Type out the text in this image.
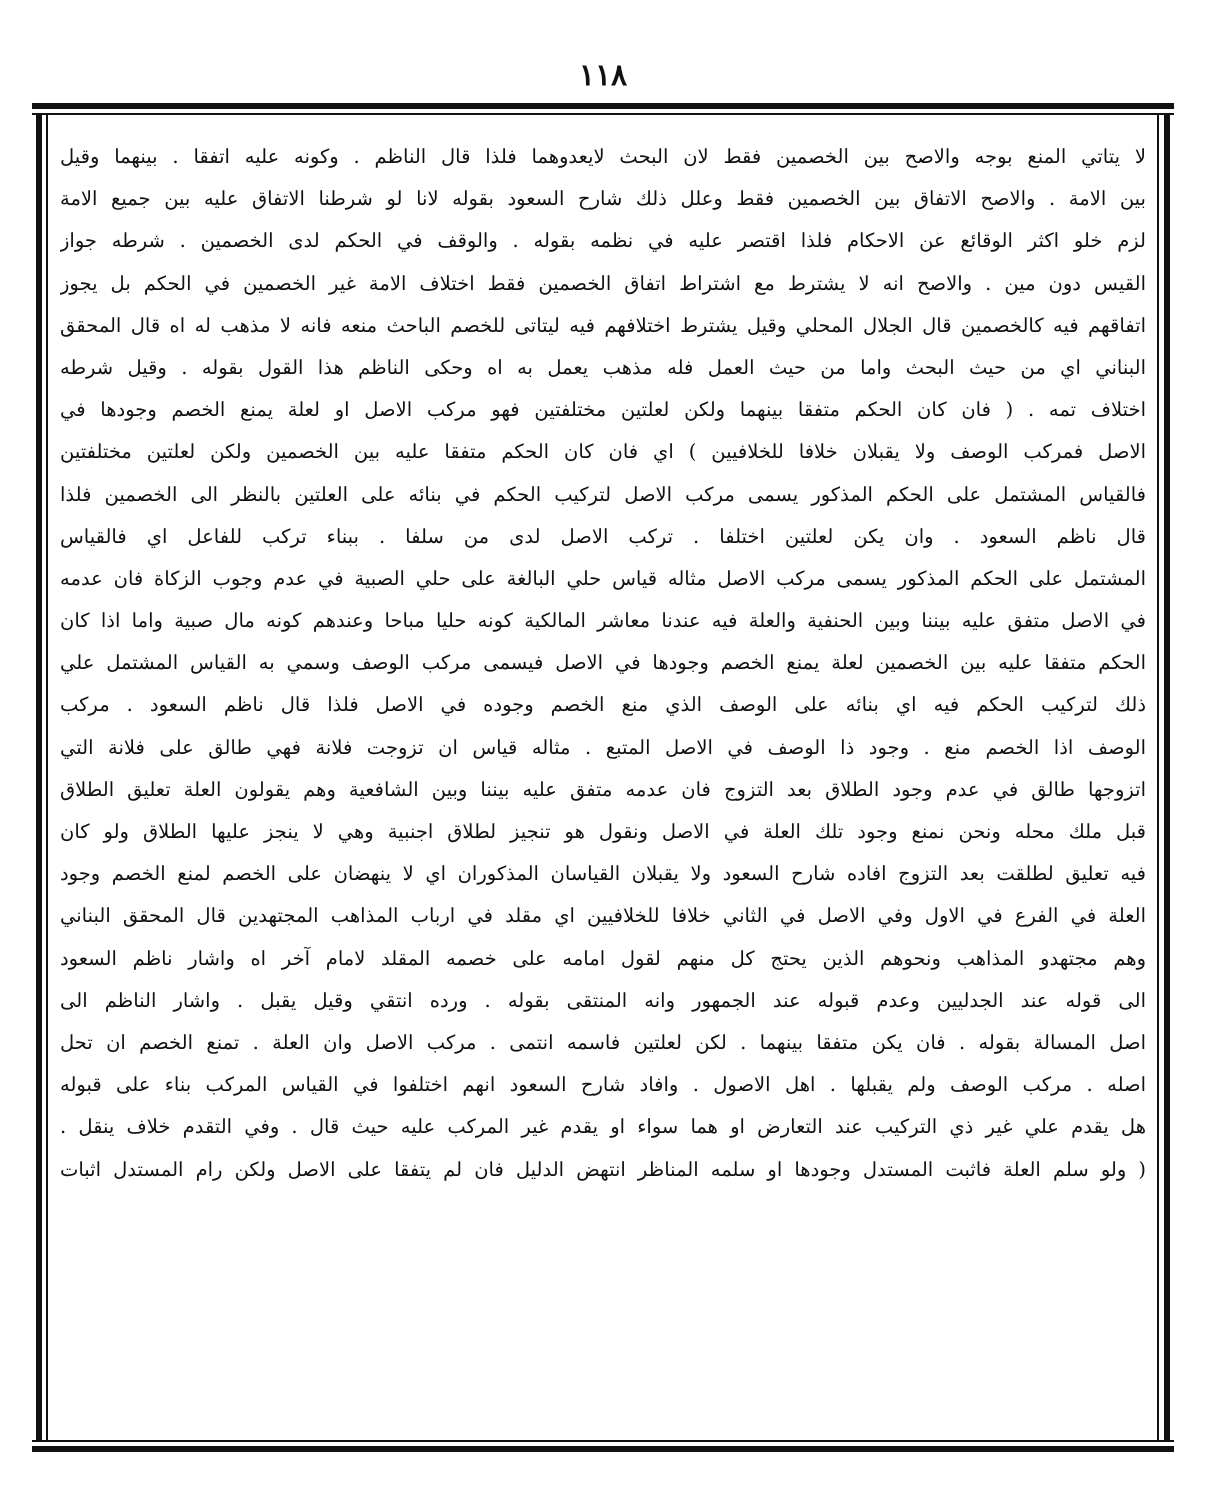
١١٨
لا يتاتي المنع بوجه والاصح بين الخصمين فقط لان البحث لايعدوهما فلذا قال الناظم . وكونه عليه اتفقا . بينهما وقيل
بين الامة . والاصح الاتفاق بين الخصمين فقط وعلل ذلك شارح السعود بقوله لانا لو شرطنا الاتفاق عليه بين جميع الامة
لزم خلو اكثر الوقائع عن الاحكام فلذا اقتصر عليه في نظمه بقوله . والوقف في الحكم لدى الخصمين . شرطه جواز
القيس دون مين . والاصح انه لا يشترط مع اشتراط اتفاق الخصمين فقط اختلاف الامة غير الخصمين في الحكم بل يجوز
اتفاقهم فيه كالخصمين قال الجلال المحلي وقيل يشترط اختلافهم فيه ليتاتى للخصم الباحث منعه فانه لا مذهب له اه قال المحقق
البناني اي من حيث البحث واما من حيث العمل فله مذهب يعمل به اه وحكى الناظم هذا القول بقوله . وقيل شرطه
اختلاف تمه . ( فان كان الحكم متفقا بينهما ولكن لعلتين مختلفتين فهو مركب الاصل او لعلة يمنع الخصم وجودها في
الاصل فمركب الوصف ولا يقبلان خلافا للخلافيين ) اي فان كان الحكم متفقا عليه بين الخصمين ولكن لعلتين مختلفتين
فالقياس المشتمل على الحكم المذكور يسمى مركب الاصل لتركيب الحكم في بنائه على العلتين بالنظر الى الخصمين فلذا
قال ناظم السعود . وان يكن لعلتين اختلفا . تركب الاصل لدى من سلفا . ببناء تركب للفاعل اي فالقياس
المشتمل على الحكم المذكور يسمى مركب الاصل مثاله قياس حلي البالغة على حلي الصبية في عدم وجوب الزكاة فان عدمه
في الاصل متفق عليه بيننا وبين الحنفية والعلة فيه عندنا معاشر المالكية كونه حليا مباحا وعندهم كونه مال صبية واما اذا كان
الحكم متفقا عليه بين الخصمين لعلة يمنع الخصم وجودها في الاصل فيسمى مركب الوصف وسمي به القياس المشتمل علي
ذلك لتركيب الحكم فيه اي بنائه على الوصف الذي منع الخصم وجوده في الاصل فلذا قال ناظم السعود . مركب
الوصف اذا الخصم منع . وجود ذا الوصف في الاصل المتبع . مثاله قياس ان تزوجت فلانة فهي طالق على فلانة التي
اتزوجها طالق في عدم وجود الطلاق بعد التزوج فان عدمه متفق عليه بيننا وبين الشافعية وهم يقولون العلة تعليق الطلاق
قبل ملك محله ونحن نمنع وجود تلك العلة في الاصل ونقول هو تنجيز لطلاق اجنبية وهي لا ينجز عليها الطلاق ولو كان
فيه تعليق لطلقت بعد التزوج افاده شارح السعود ولا يقبلان القياسان المذكوران اي لا ينهضان على الخصم لمنع الخصم وجود
العلة في الفرع في الاول وفي الاصل في الثاني خلافا للخلافيين اي مقلد في ارباب المذاهب المجتهدين قال المحقق البناني
وهم مجتهدو المذاهب ونحوهم الذين يحتج كل منهم لقول امامه على خصمه المقلد لامام آخر اه واشار ناظم السعود
الى قوله عند الجدليين وعدم قبوله عند الجمهور وانه المنتقى بقوله . ورده انتقي وقيل يقبل . واشار الناظم الى
اصل المسالة بقوله . فان يكن متفقا بينهما . لكن لعلتين فاسمه انتمى . مركب الاصل وان العلة . تمنع الخصم ان تحل
اصله . مركب الوصف ولم يقبلها . اهل الاصول . وافاد شارح السعود انهم اختلفوا في القياس المركب بناء على قبوله
هل يقدم علي غير ذي التركيب عند التعارض او هما سواء او يقدم غير المركب عليه حيث قال . وفي التقدم خلاف ينقل .
( ولو سلم العلة فاثبت المستدل وجودها او سلمه المناظر انتهض الدليل فان لم يتفقا على الاصل ولكن رام المستدل اثبات
